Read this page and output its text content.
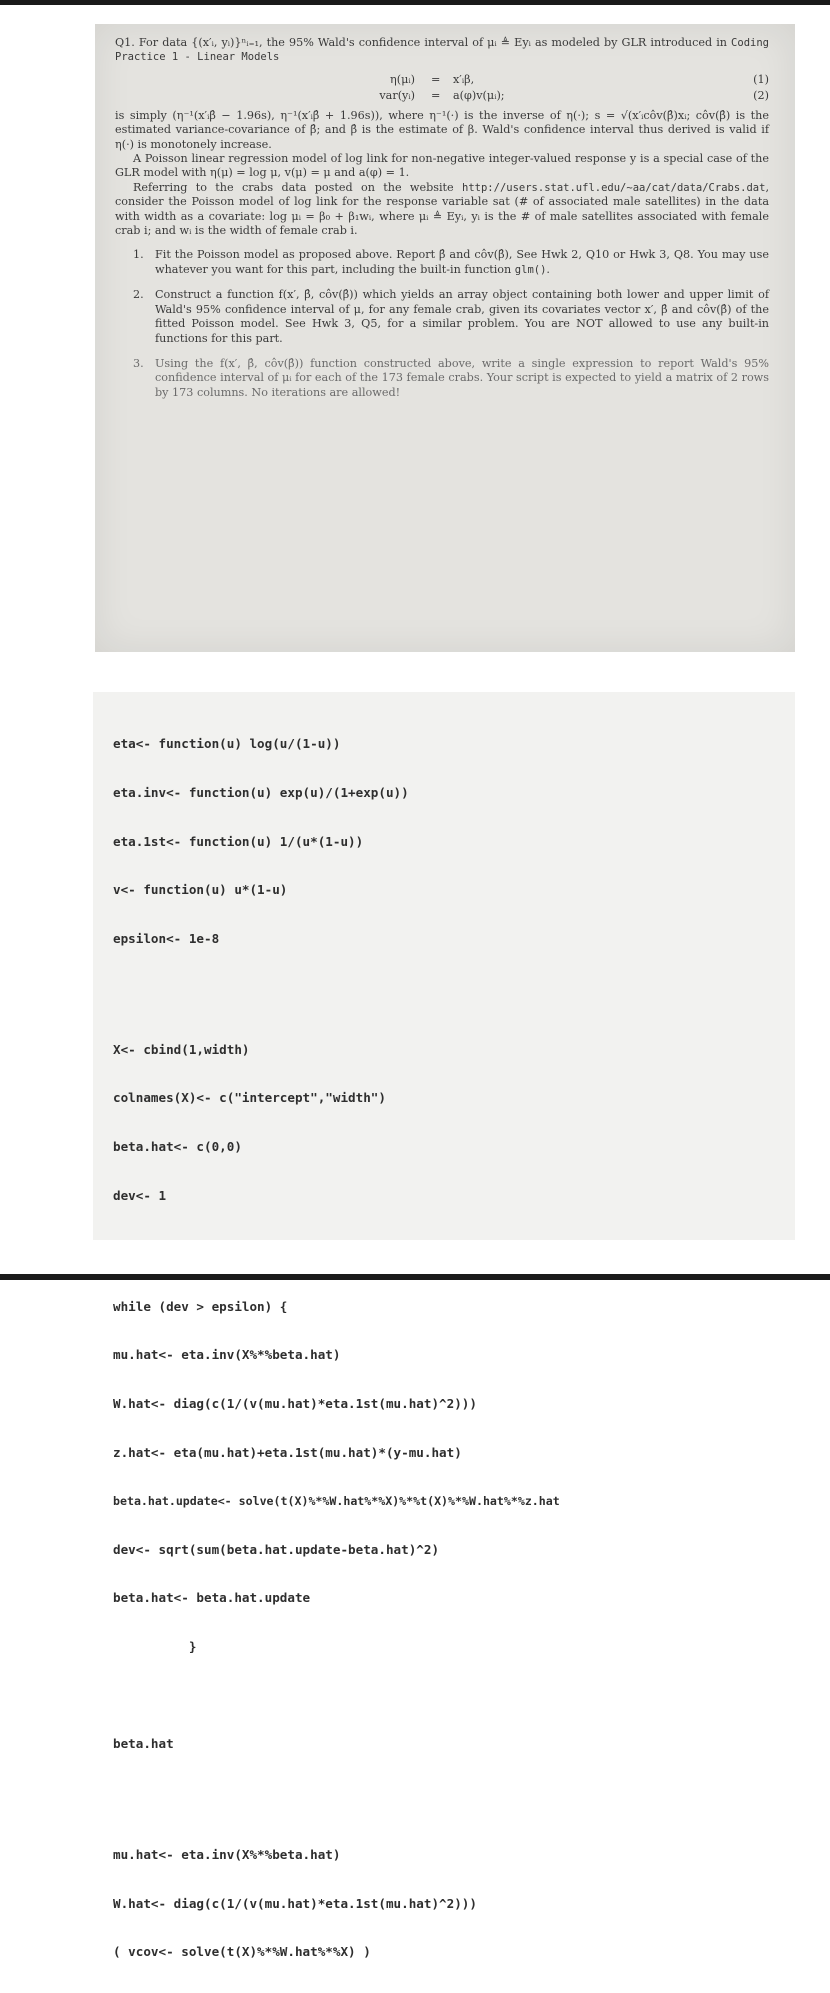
Q1. For data {(x′ᵢ, yᵢ)}ⁿᵢ₌₁, the 95% Wald's confidence interval of μᵢ ≜ Eyᵢ as modeled by GLR introduced in Coding Practice 1 - Linear Models

η(μᵢ) = x′ᵢβ,	(1)
var(yᵢ) = a(φ)v(μᵢ);	(2)

is simply (η⁻¹(x′ᵢβ̂ − 1.96s), η⁻¹(x′ᵢβ̂ + 1.96s)), where η⁻¹(·) is the inverse of η(·); s = √(x′ᵢcôv(β̂)xᵢ; côv(β̂) is the estimated variance-covariance of β̂; and β̂ is the estimate of β. Wald's confidence interval thus derived is valid if η(·) is monotonely increase.

A Poisson linear regression model of log link for non-negative integer-valued response y is a special case of the GLR model with η(μ) = log μ, v(μ) = μ and a(φ) = 1.

Referring to the crabs data posted on the website http://users.stat.ufl.edu/~aa/cat/data/Crabs.dat, consider the Poisson model of log link for the response variable sat (# of associated male satellites) in the data with width as a covariate: log μᵢ = β₀ + β₁wᵢ, where μᵢ ≜ Eyᵢ, yᵢ is the # of male satellites associated with female crab i; and wᵢ is the width of female crab i.

1. Fit the Poisson model as proposed above. Report β̂ and côv(β̂), See Hwk 2, Q10 or Hwk 3, Q8. You may use whatever you want for this part, including the built-in function glm().
2. Construct a function f(x′, β̂, côv(β̂)) which yields an array object containing both lower and upper limit of Wald's 95% confidence interval of μ, for any female crab, given its covariates vector x′, β̂ and côv(β̂) of the fitted Poisson model. See Hwk 3, Q5, for a similar problem. You are NOT allowed to use any built-in functions for this part.
3. Using the f(x′, β̂, côv(β̂)) function constructed above, write a single expression to report Wald's 95% confidence interval of μᵢ for each of the 173 female crabs. Your script is expected to yield a matrix of 2 rows by 173 columns. No iterations are allowed!

eta<- function(u) log(u/(1-u))

eta.inv<- function(u) exp(u)/(1+exp(u))

eta.1st<- function(u) 1/(u*(1-u))

v<- function(u) u*(1-u)

epsilon<- 1e-8

X<- cbind(1,width)

colnames(X)<- c("intercept","width")

beta.hat<- c(0,0)

dev<- 1

while (dev > epsilon) {

mu.hat<- eta.inv(X%*%beta.hat)

W.hat<- diag(c(1/(v(mu.hat)*eta.1st(mu.hat)^2)))

z.hat<- eta(mu.hat)+eta.1st(mu.hat)*(y-mu.hat)

beta.hat.update<- solve(t(X)%*%W.hat%*%X)%*%t(X)%*%W.hat%*%z.hat

dev<- sqrt(sum(beta.hat.update-beta.hat)^2)

beta.hat<- beta.hat.update

}

beta.hat

mu.hat<- eta.inv(X%*%beta.hat)

W.hat<- diag(c(1/(v(mu.hat)*eta.1st(mu.hat)^2)))

( vcov<- solve(t(X)%*%W.hat%*%X) )
